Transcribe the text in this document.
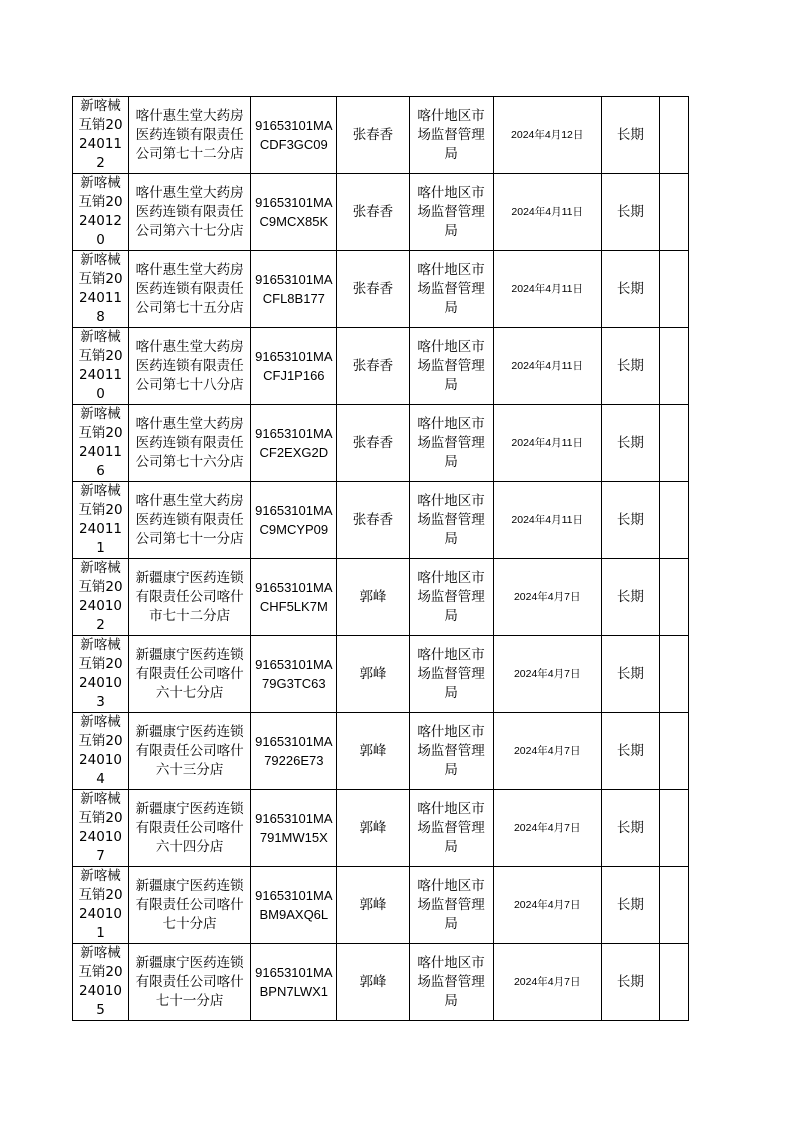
新喀械互销20240112	喀什惠生堂大药房医药连锁有限责任公司第七十二分店	91653101MACDF3GC09	张春香	喀什地区市场监督管理局	2024年4月12日	长期	

新喀械互销20240120	喀什惠生堂大药房医药连锁有限责任公司第六十七分店	91653101MAC9MCX85K	张春香	喀什地区市场监督管理局	2024年4月11日	长期	

新喀械互销20240118	喀什惠生堂大药房医药连锁有限责任公司第七十五分店	91653101MACFL8B177	张春香	喀什地区市场监督管理局	2024年4月11日	长期	

新喀械互销20240110	喀什惠生堂大药房医药连锁有限责任公司第七十八分店	91653101MACFJ1P166	张春香	喀什地区市场监督管理局	2024年4月11日	长期	

新喀械互销20240116	喀什惠生堂大药房医药连锁有限责任公司第七十六分店	91653101MACF2EXG2D	张春香	喀什地区市场监督管理局	2024年4月11日	长期	

新喀械互销20240111	喀什惠生堂大药房医药连锁有限责任公司第七十一分店	91653101MAC9MCYP09	张春香	喀什地区市场监督管理局	2024年4月11日	长期	

新喀械互销20240102	新疆康宁医药连锁有限责任公司喀什市七十二分店	91653101MACHF5LK7M	郭峰	喀什地区市场监督管理局	2024年4月7日	长期	

新喀械互销20240103	新疆康宁医药连锁有限责任公司喀什六十七分店	91653101MA79G3TC63	郭峰	喀什地区市场监督管理局	2024年4月7日	长期	

新喀械互销20240104	新疆康宁医药连锁有限责任公司喀什六十三分店	91653101MA79226E73	郭峰	喀什地区市场监督管理局	2024年4月7日	长期	

新喀械互销20240107	新疆康宁医药连锁有限责任公司喀什六十四分店	91653101MA791MW15X	郭峰	喀什地区市场监督管理局	2024年4月7日	长期	

新喀械互销20240101	新疆康宁医药连锁有限责任公司喀什七十分店	91653101MABM9AXQ6L	郭峰	喀什地区市场监督管理局	2024年4月7日	长期	

新喀械互销20240105	新疆康宁医药连锁有限责任公司喀什七十一分店	91653101MABPN7LWX1	郭峰	喀什地区市场监督管理局	2024年4月7日	长期	
